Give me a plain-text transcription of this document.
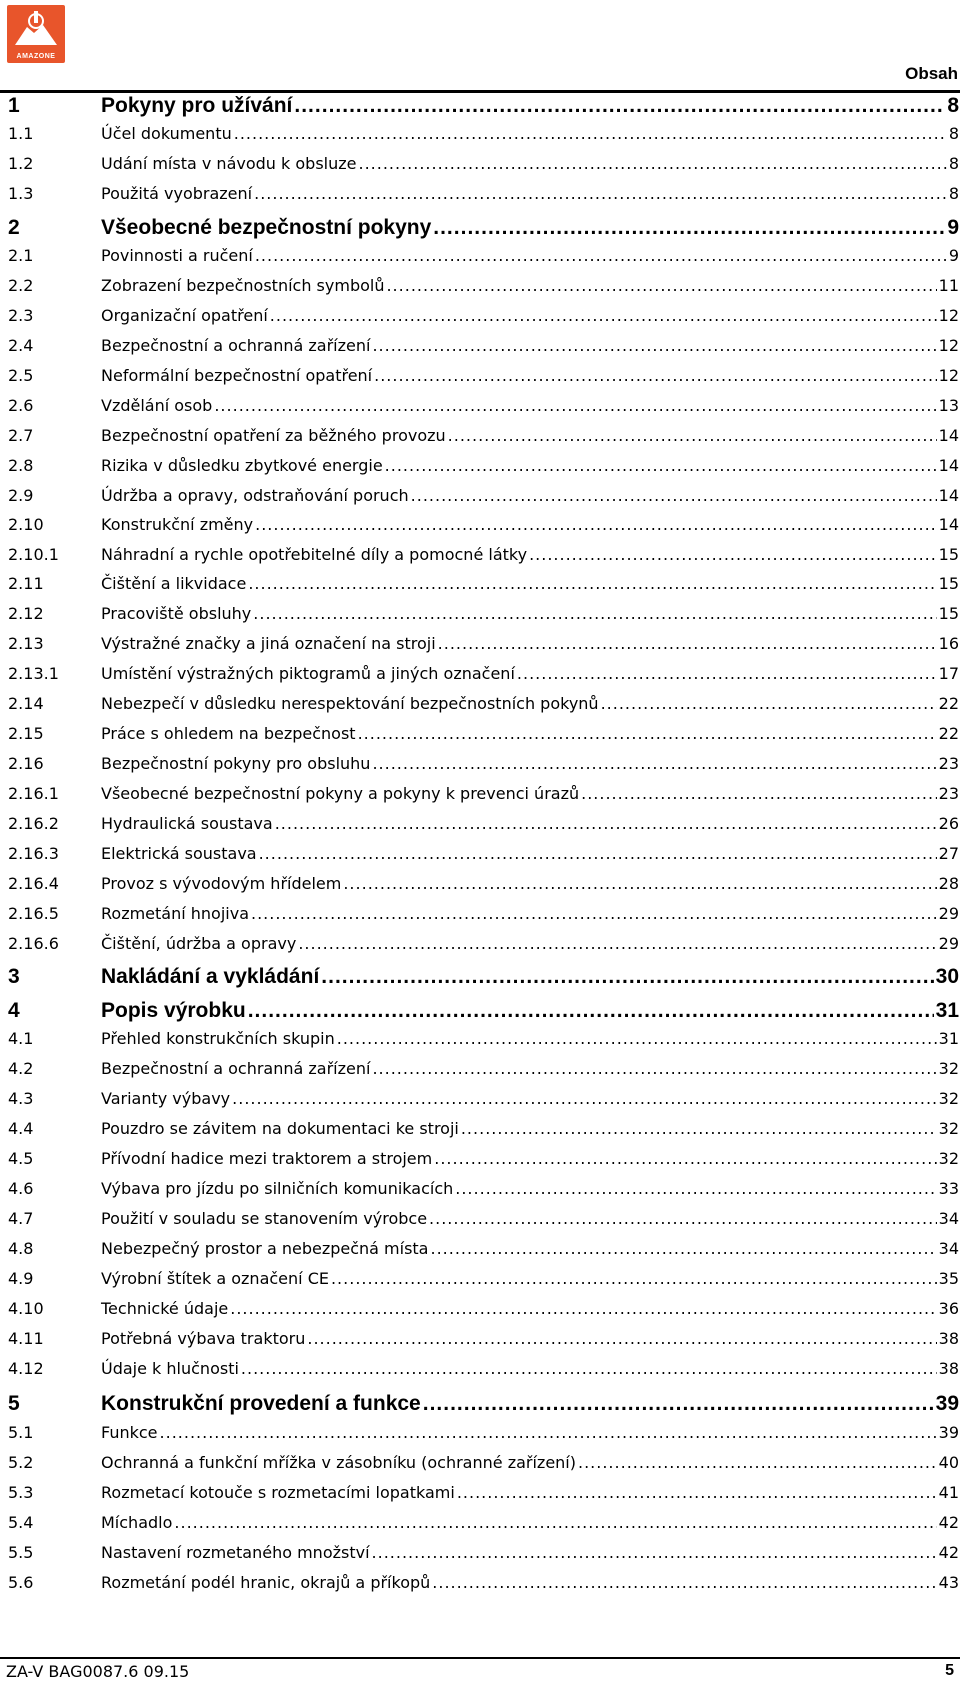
AMAZONE
Obsah
1	Pokyny pro užívání .....	8
1.1	Účel dokumentu .....	8
1.2	Udání místa v návodu k obsluze .....	8
1.3	Použitá vyobrazení .....	8
2	Všeobecné bezpečnostní pokyny .....	9
2.1	Povinnosti a ručení .....	9
2.2	Zobrazení bezpečnostních symbolů .....	11
2.3	Organizační opatření .....	12
2.4	Bezpečnostní a ochranná zařízení .....	12
2.5	Neformální bezpečnostní opatření .....	12
2.6	Vzdělání osob .....	13
2.7	Bezpečnostní opatření za běžného provozu .....	14
2.8	Rizika v důsledku zbytkové energie .....	14
2.9	Údržba a opravy, odstraňování poruch .....	14
2.10	Konstrukční změny .....	14
2.10.1	Náhradní a rychle opotřebitelné díly a pomocné látky .....	15
2.11	Čištění a likvidace .....	15
2.12	Pracoviště obsluhy .....	15
2.13	Výstražné značky a jiná označení na stroji .....	16
2.13.1	Umístění výstražných piktogramů a jiných označení .....	17
2.14	Nebezpečí v důsledku nerespektování bezpečnostních pokynů .....	22
2.15	Práce s ohledem na bezpečnost .....	22
2.16	Bezpečnostní pokyny pro obsluhu .....	23
2.16.1	Všeobecné bezpečnostní pokyny a pokyny k prevenci úrazů .....	23
2.16.2	Hydraulická soustava .....	26
2.16.3	Elektrická soustava .....	27
2.16.4	Provoz s vývodovým hřídelem .....	28
2.16.5	Rozmetání hnojiva .....	29
2.16.6	Čištění, údržba a opravy .....	29
3	Nakládání a vykládání .....	30
4	Popis výrobku .....	31
4.1	Přehled konstrukčních skupin .....	31
4.2	Bezpečnostní a ochranná zařízení .....	32
4.3	Varianty výbavy .....	32
4.4	Pouzdro se závitem na dokumentaci ke stroji .....	32
4.5	Přívodní hadice mezi traktorem a strojem .....	32
4.6	Výbava pro jízdu po silničních komunikacích .....	33
4.7	Použití v souladu se stanovením výrobce .....	34
4.8	Nebezpečný prostor a nebezpečná místa .....	34
4.9	Výrobní štítek a označení CE .....	35
4.10	Technické údaje .....	36
4.11	Potřebná výbava traktoru .....	38
4.12	Údaje k hlučnosti .....	38
5	Konstrukční provedení a funkce .....	39
5.1	Funkce .....	39
5.2	Ochranná a funkční mřížka v zásobníku (ochranné zařízení) .....	40
5.3	Rozmetací kotouče s rozmetacími lopatkami .....	41
5.4	Míchadlo .....	42
5.5	Nastavení rozmetaného množství .....	42
5.6	Rozmetání podél hranic, okrajů a příkopů .....	43
ZA-V BAG0087.6 09.15	5
